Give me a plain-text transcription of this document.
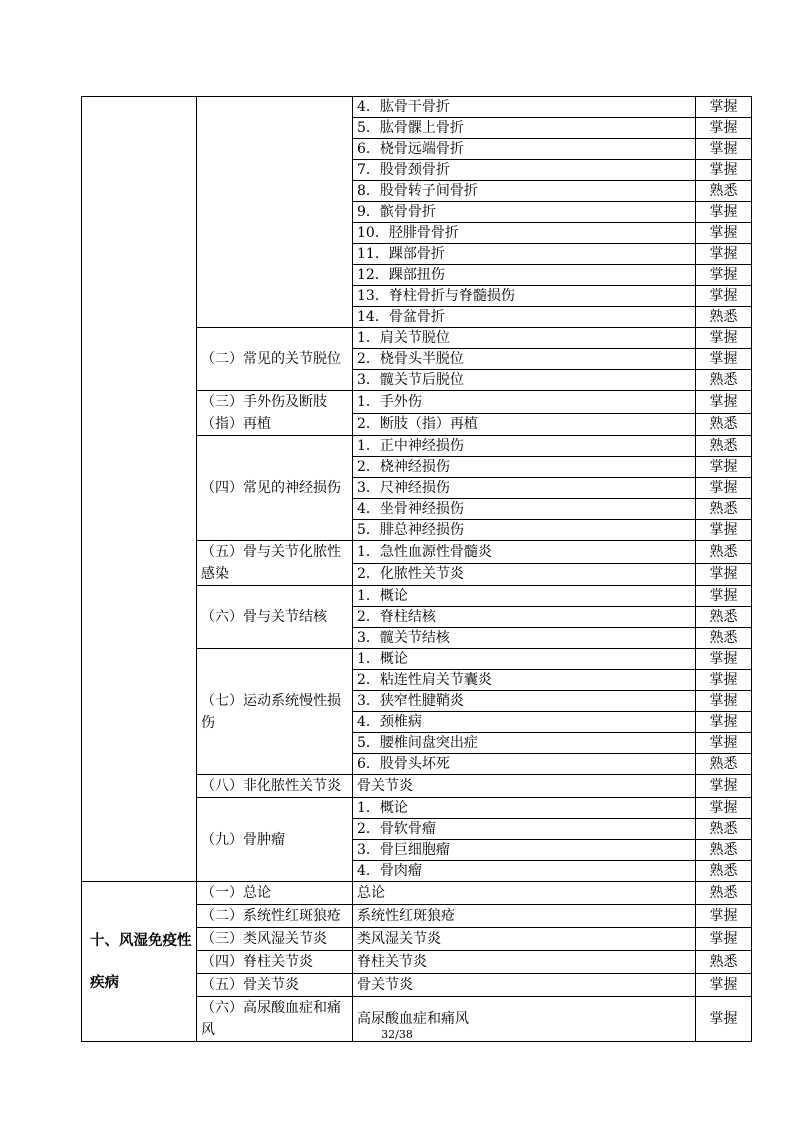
		4．肱骨干骨折	掌握
		5．肱骨髁上骨折	掌握
		6．桡骨远端骨折	掌握
		7．股骨颈骨折	掌握
		8．股骨转子间骨折	熟悉
		9．髌骨骨折	掌握
		10．胫腓骨骨折	掌握
		11．踝部骨折	掌握
		12．踝部扭伤	掌握
		13．脊柱骨折与脊髓损伤	掌握
		14．骨盆骨折	熟悉
	（二）常见的关节脱位	1．肩关节脱位	掌握
		2．桡骨头半脱位	掌握
		3．髋关节后脱位	熟悉
	（三）手外伤及断肢（指）再植	1．手外伤	掌握
		2．断肢（指）再植	熟悉
	（四）常见的神经损伤	1．正中神经损伤	熟悉
		2．桡神经损伤	掌握
		3．尺神经损伤	掌握
		4．坐骨神经损伤	熟悉
		5．腓总神经损伤	掌握
	（五）骨与关节化脓性感染	1．急性血源性骨髓炎	熟悉
		2．化脓性关节炎	掌握
	（六）骨与关节结核	1．概论	掌握
		2．脊柱结核	熟悉
		3．髋关节结核	熟悉
	（七）运动系统慢性损伤	1．概论	掌握
		2．粘连性肩关节囊炎	掌握
		3．狭窄性腱鞘炎	掌握
		4．颈椎病	掌握
		5．腰椎间盘突出症	掌握
		6．股骨头坏死	熟悉
	（八）非化脓性关节炎	骨关节炎	掌握
	（九）骨肿瘤	1．概论	掌握
		2．骨软骨瘤	熟悉
		3．骨巨细胞瘤	熟悉
		4．骨肉瘤	熟悉
十、风湿免疫性疾病	（一）总论	总论	熟悉
	（二）系统性红斑狼疮	系统性红斑狼疮	掌握
	（三）类风湿关节炎	类风湿关节炎	掌握
	（四）脊柱关节炎	脊柱关节炎	熟悉
	（五）骨关节炎	骨关节炎	掌握
	（六）高尿酸血症和痛风	高尿酸血症和痛风	掌握
32/38
